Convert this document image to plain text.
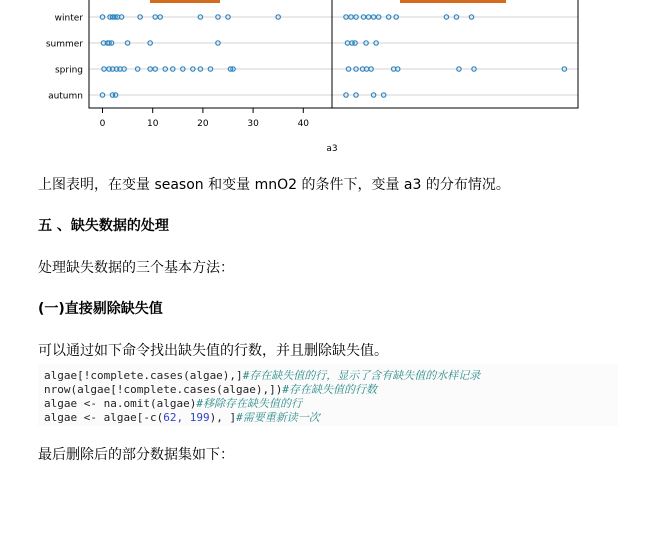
winter
summer
spring
autumn
0	10	20	30	40
a3
上图表明，在变量 season 和变量 mnO2 的条件下，变量 a3 的分布情况。
五 、缺失数据的处理
处理缺失数据的三个基本方法：
(一)直接剔除缺失值
可以通过如下命令找出缺失值的行数，并且删除缺失值。
algae[!complete.cases(algae),]#存在缺失值的行，显示了含有缺失值的水样记录
nrow(algae[!complete.cases(algae),])#存在缺失值的行数
algae <- na.omit(algae)#移除存在缺失值的行
algae <- algae[-c(62, 199), ]#需要重新读一次
最后删除后的部分数据集如下：
